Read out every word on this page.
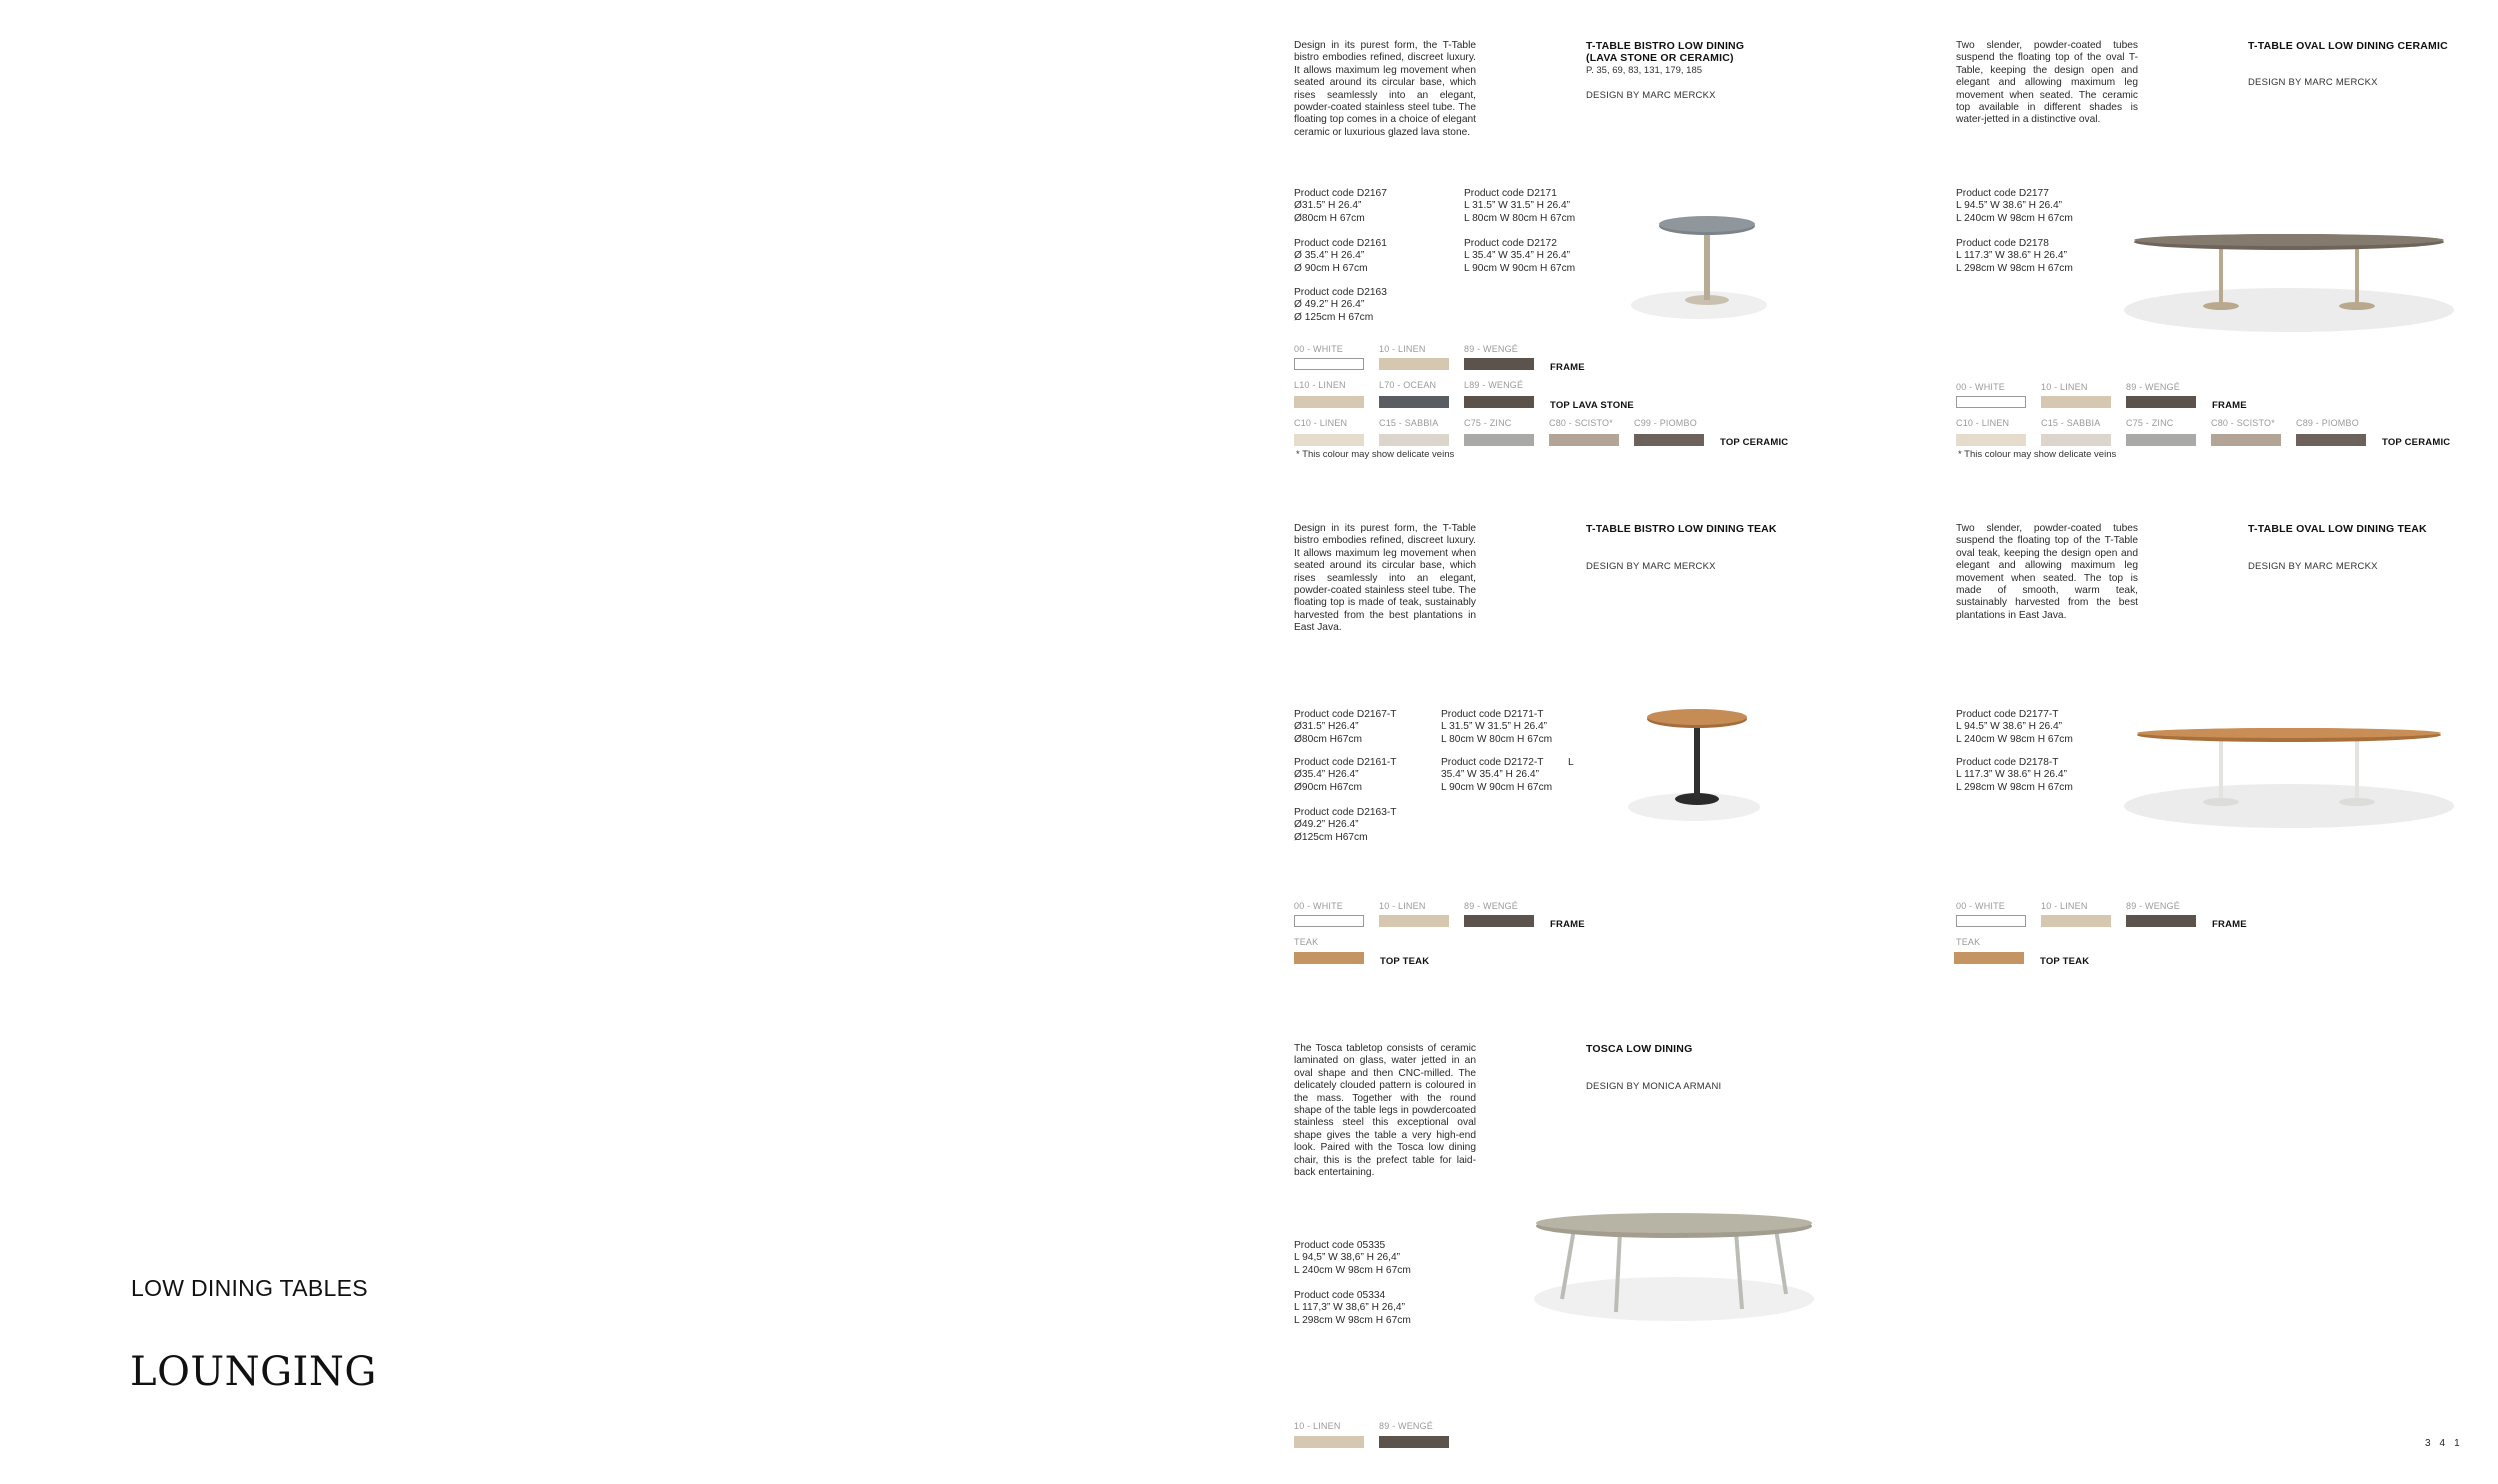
LOW DINING TABLES
LOUNGING
Design in its purest form, the T-Table bistro embodies refined, discreet luxury. It allows maximum leg movement when seated around its circular base, which rises seamlessly into an elegant, powder-coated stainless steel tube. The floating top comes in a choice of elegant ceramic or luxurious glazed lava stone.
T-TABLE BISTRO LOW DINING
(LAVA STONE OR CERAMIC)
P. 35, 69, 83, 131, 179, 185
DESIGN BY MARC MERCKX
Product code D2167
Ø31.5” H 26.4”
Ø80cm H 67cm
Product code D2161
Ø 35.4” H 26.4”
Ø 90cm H 67cm
Product code D2163
Ø 49.2” H 26.4”
Ø 125cm H 67cm
Product code D2171
L 31.5” W 31.5” H 26.4”
L 80cm W 80cm H 67cm
Product code D2172
L 35.4” W 35.4” H 26.4”
L 90cm W 90cm H 67cm
00 - WHITE	10 - LINEN	89 - WENGÉ
FRAME
L10 - LINEN	L70 - OCEAN	L89 - WENGÉ
TOP LAVA STONE
C10 - LINEN	C15 - SABBIA	C75 - ZINC	C80 - SCISTO* C99 - PIOMBO
TOP CERAMIC
* This colour may show delicate veins
Two slender, powder-coated tubes suspend the floating top of the oval T-Table, keeping the design open and elegant and allowing maximum leg movement when seated. The ceramic top available in different shades is water-jetted in a distinctive oval.
T-TABLE OVAL LOW DINING CERAMIC
DESIGN BY MARC MERCKX
Product code D2177
L 94.5” W 38.6” H 26.4”
L 240cm W 98cm H 67cm
Product code D2178
L 117.3” W 38.6” H 26.4”
L 298cm W 98cm H 67cm
00 - WHITE	10 - LINEN	89 - WENGÉ
FRAME
C10 - LINEN	C15 - SABBIA	C75 - ZINC	C80 - SCISTO* C89 - PIOMBO
TOP CERAMIC
* This colour may show delicate veins
Design in its purest form, the T-Table bistro embodies refined, discreet luxury. It allows maximum leg movement when seated around its circular base, which rises seamlessly into an elegant, powder-coated stainless steel tube. The floating top is made of teak, sustainably harvested from the best plantations in East Java.
T-TABLE BISTRO LOW DINING TEAK
DESIGN BY MARC MERCKX
Product code D2167-T
Ø31.5” H26.4”
Ø80cm H67cm
Product code D2161-T
Ø35.4” H26.4”
Ø90cm H67cm
Product code D2163-T
Ø49.2” H26.4”
Ø125cm H67cm
Product code D2171-T
L 31.5” W 31.5” H 26.4”
L 80cm W 80cm H 67cm
Product code D2172-T
35.4” W 35.4” H 26.4”
L 90cm W 90cm H 67cm
L
00 - WHITE	10 - LINEN	89 - WENGÉ
FRAME
TEAK
TOP TEAK
Two slender, powder-coated tubes suspend the floating top of the T-Table oval teak, keeping the design open and elegant and allowing maximum leg movement when seated. The top is made of smooth, warm teak, sustainably harvested from the best plantations in East Java.
T-TABLE OVAL LOW DINING TEAK
DESIGN BY MARC MERCKX
Product code D2177-T
L 94.5” W 38.6” H 26.4”
L 240cm W 98cm H 67cm
Product code D2178-T
L 117.3” W 38.6” H 26.4”
L 298cm W 98cm H 67cm
00 - WHITE	10 - LINEN	89 - WENGÉ
FRAME
TEAK
TOP TEAK
The Tosca tabletop consists of ceramic laminated on glass, water jetted in an oval shape and then CNC-milled. The delicately clouded pattern is coloured in the mass. Together with the round shape of the table legs in powdercoated stainless steel this exceptional oval shape gives the table a very high-end look. Paired with the Tosca low dining chair, this is the prefect table for laid-back entertaining.
TOSCA LOW DINING
DESIGN BY MONICA ARMANI
Product code 05335
L 94,5” W 38,6” H 26,4”
L 240cm W 98cm H 67cm
Product code 05334
L 117,3” W 38,6” H 26,4”
L 298cm W 98cm H 67cm
10 - LINEN	89 - WENGÉ
341
